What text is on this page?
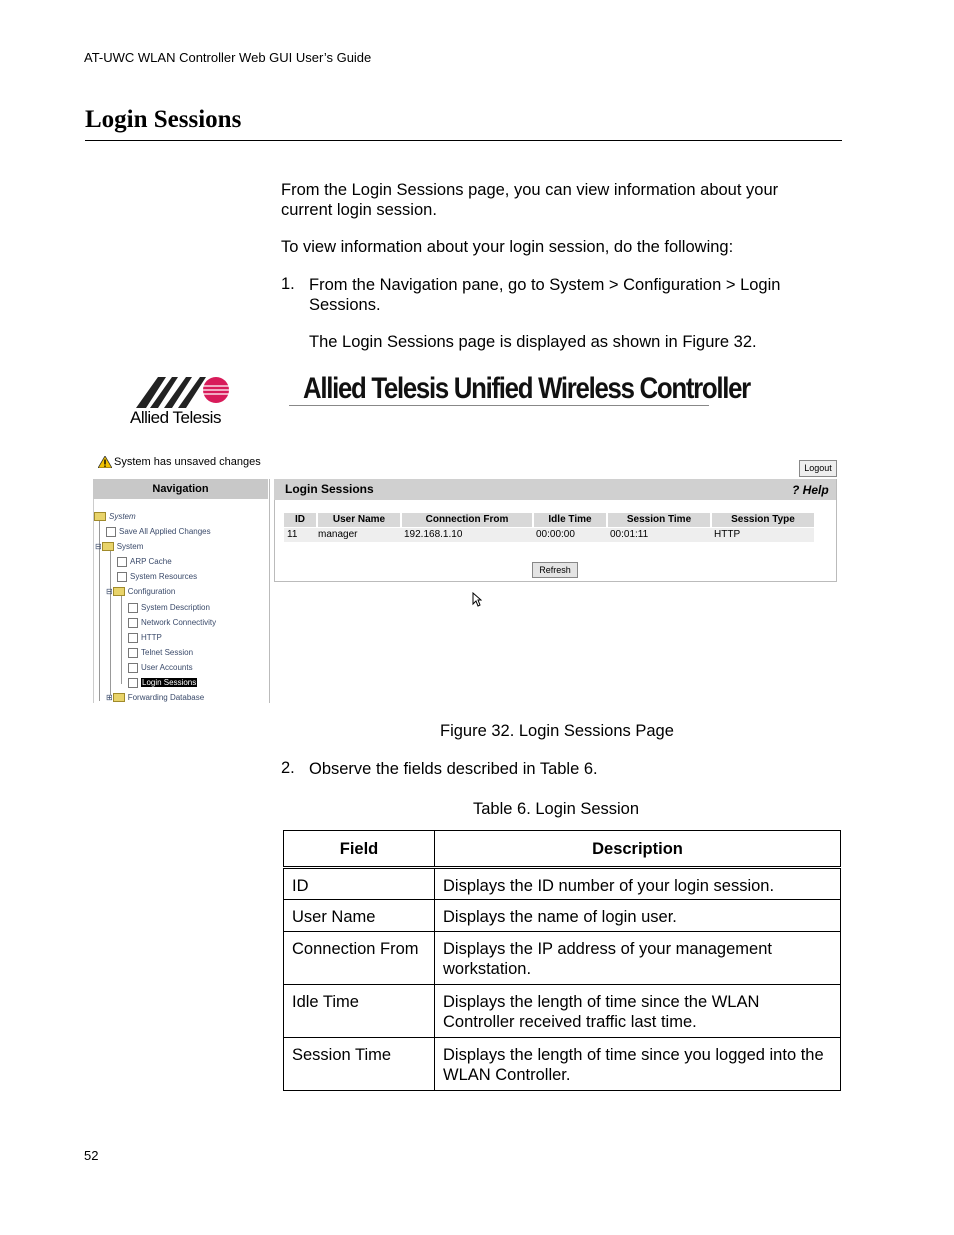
AT-UWC WLAN Controller Web GUI User’s Guide
Login Sessions
From the Login Sessions page, you can view information about your current login session.
To view information about your login session, do the following:
1. From the Navigation pane, go to System > Configuration > Login Sessions.
The Login Sessions page is displayed as shown in Figure 32.
Allied Telesis
Allied Telesis Unified Wireless Controller
System has unsaved changes	Logout
Navigation
System
Save All Applied Changes
⊟ System
ARP Cache
System Resources
⊟ Configuration
System Description
Network Connectivity
HTTP
Telnet Session
User Accounts
Login Sessions
⊞ Forwarding Database
Login Sessions	? Help
ID	User Name	Connection From	Idle Time	Session Time	Session Type
11 manager	192.168.1.10	00:00:00	00:01:11	HTTP
Refresh
Figure 32. Login Sessions Page
2. Observe the fields described in Table 6.
Table 6. Login Session
Field	Description
ID	Displays the ID number of your login session.
User Name	Displays the name of login user.
Connection From	Displays the IP address of your management workstation.
Idle Time	Displays the length of time since the WLAN Controller received traffic last time.
Session Time	Displays the length of time since you logged into the WLAN Controller.
52
